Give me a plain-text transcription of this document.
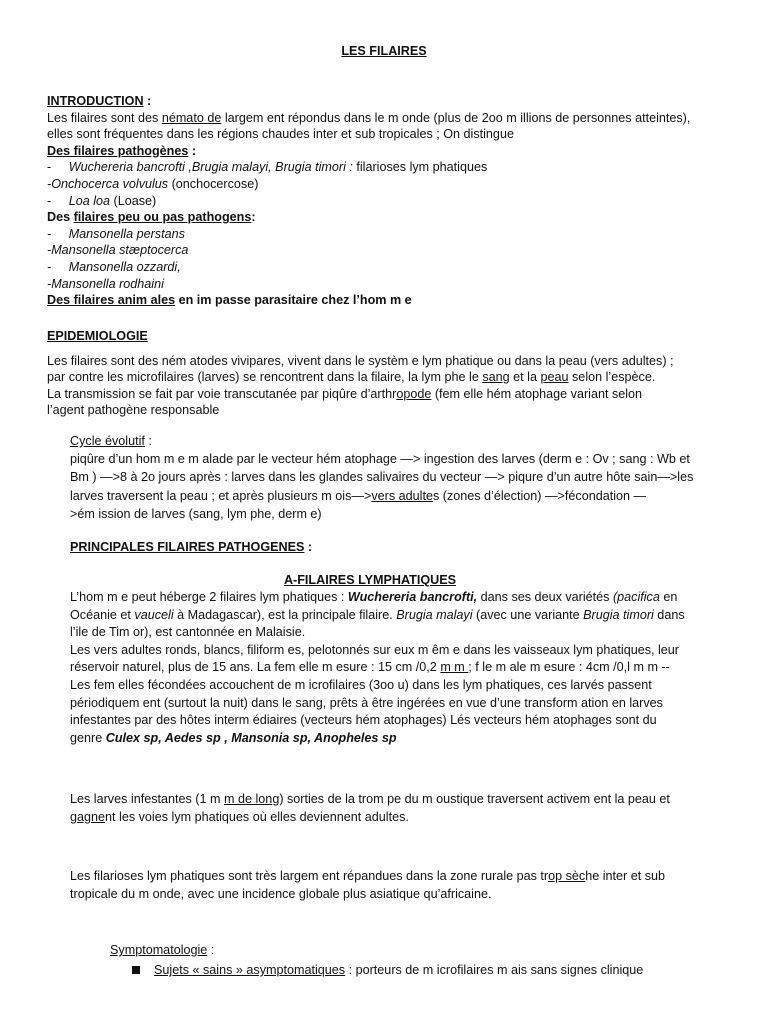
LES FILAIRES
INTRODUCTION :
Les filaires sont des némato de largem ent répondus dans le m onde (plus de 2oo m illions de personnes atteintes),
elles sont fréquentes dans les régions chaudes inter et sub tropicales ; On distingue
Des filaires pathogènes :
-     Wuchereria bancrofti ,Brugia malayi, Brugia timori : filarioses lym phatiques
-Onchocerca volvulus (onchocercose)
-     Loa loa (Loase)
Des filaires peu ou pas pathogens:
-     Mansonella perstans
-Mansonella stæptocerca
-     Mansonella ozzardi,
-Mansonella rodhaini
Des filaires anim ales en im passe parasitaire chez l’hom m e
EPIDEMIOLOGIE
Les filaires sont des ném atodes vivipares, vivent dans le systèm e lym phatique ou dans la peau (vers adultes) ;
par contre les microfilaires (larves) se rencontrent dans la filaire, la lym phe le sang et la peau selon l’espèce.
La transmission se fait par voie transcutanée par piqûre d’arthropode (fem elle hém atophage variant selon
l’agent pathogène responsable
Cycle évolutif :
piqûre d’un hom m e m alade par le vecteur hém atophage —> ingestion des larves (derm e : Ov ; sang : Wb et
Bm ) —>8 à 2o jours après : larves dans les glandes salivaires du vecteur —> piqure d’un autre hôte sain—>les
larves traversent la peau ; et après plusieurs m ois—>vers adultes (zones d’élection) —>fécondation —
>ém ission de larves (sang, lym phe, derm e)
PRINCIPALES FILAIRES PATHOGENES :
A-FILAIRES LYMPHATIQUES
L’hom m e peut héberge 2 filaires lym phatiques : Wuchereria bancrofti, dans ses deux variétés (pacifica en
Océanie et vauceli à Madagascar), est la principale filaire. Brugia malayi (avec une variante Brugia timori dans
l’ile de Tim or), est cantonnée en Malaisie.
Les vers adultes ronds, blancs, filiform es, pelotonnés sur eux m êm e dans les vaisseaux lym phatiques, leur
réservoir naturel, plus de 15 ans. La fem elle m esure : 15 cm /0,2 m m ; f le m ale m esure : 4cm /0,l m m --
Les fem elles fécondées accouchent de m icrofilaires (3oo u) dans les lym phatiques, ces larvés passent
périodiquem ent (surtout la nuit) dans le sang, prêts à être ingérées en vue d’une transform ation en larves
infestantes par des hôtes interm édiaires (vecteurs hém atophages) Lés vecteurs hém atophages sont du
genre Culex sp, Aedes sp , Mansonia sp, Anopheles sp
Les larves infestantes (1 m m de long) sorties de la trom pe du m oustique traversent activem ent la peau et
gagnent les voies lym phatiques où elles deviennent adultes.
Les filarioses lym phatiques sont très largem ent répandues dans la zone rurale pas trop sèche inter et sub
tropicale du m onde, avec une incidence globale plus asiatique qu’africaine.
Symptomatologie :
Sujets « sains » asymptomatiques : porteurs de m icrofilaires m ais sans signes clinique
